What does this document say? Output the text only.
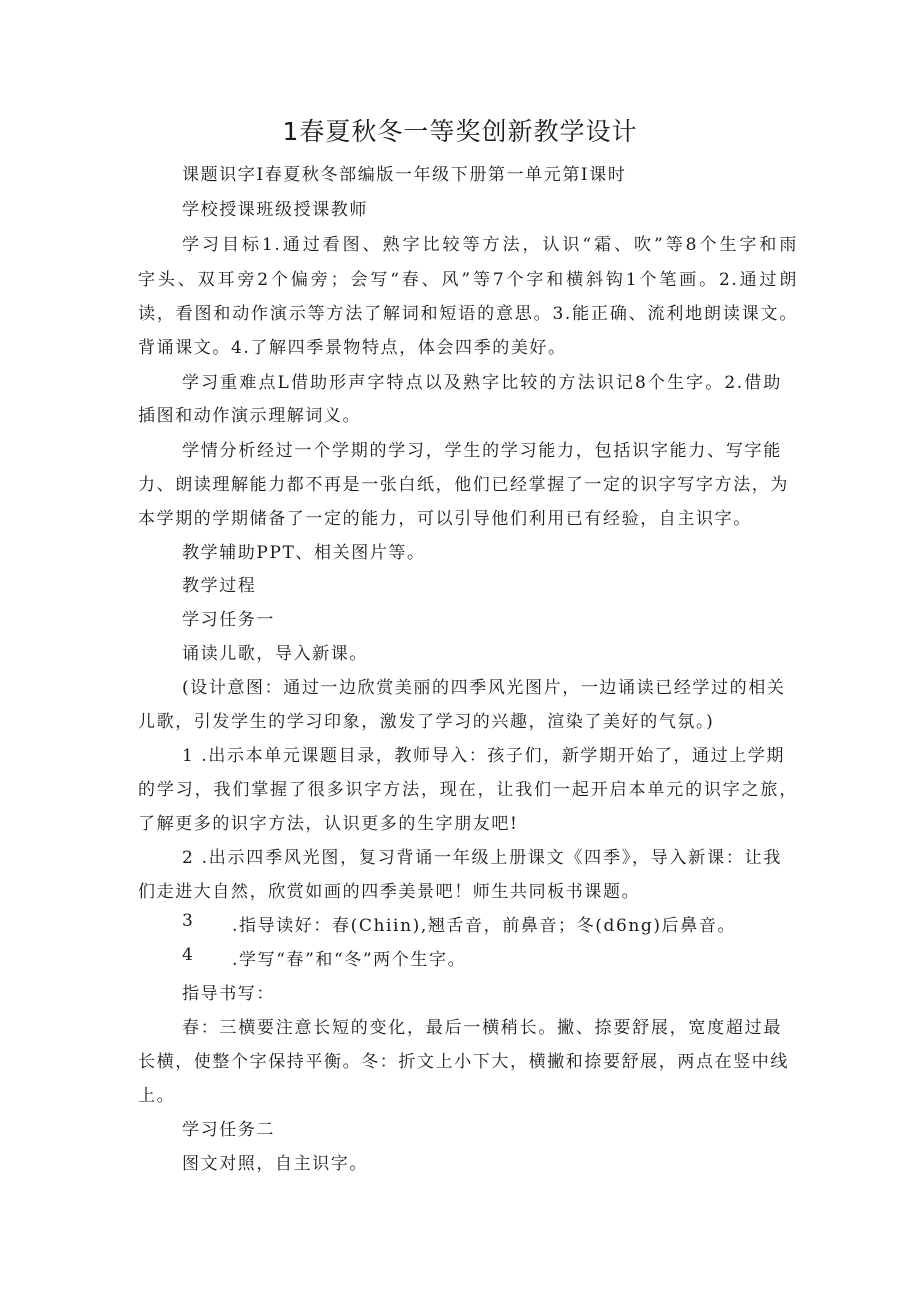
1春夏秋冬一等奖创新教学设计
课题识字I春夏秋冬部编版一年级下册第一单元第I课时
学校授课班级授课教师
学习目标1.通过看图、熟字比较等方法，认识“霜、吹”等8个生字和雨
字头、双耳旁2个偏旁；会写“春、风”等7个字和横斜钩1个笔画。2.通过朗
读，看图和动作演示等方法了解词和短语的意思。3.能正确、流利地朗读课文。
背诵课文。4.了解四季景物特点，体会四季的美好。
学习重难点L借助形声字特点以及熟字比较的方法识记8个生字。2.借助
插图和动作演示理解词义。
学情分析经过一个学期的学习，学生的学习能力，包括识字能力、写字能
力、朗读理解能力都不再是一张白纸，他们已经掌握了一定的识字写字方法，为
本学期的学期储备了一定的能力，可以引导他们利用已有经验，自主识字。
教学辅助PPT、相关图片等。
教学过程
学习任务一
诵读儿歌，导入新课。
(设计意图：通过一边欣赏美丽的四季风光图片，一边诵读已经学过的相关
儿歌，引发学生的学习印象，激发了学习的兴趣，渲染了美好的气氛。)
1 .出示本单元课题目录，教师导入：孩子们，新学期开始了，通过上学期
的学习，我们掌握了很多识字方法，现在，让我们一起开启本单元的识字之旅，
了解更多的识字方法，认识更多的生字朋友吧!
2 .出示四季风光图，复习背诵一年级上册课文《四季》，导入新课：让我
们走进大自然，欣赏如画的四季美景吧！师生共同板书课题。
3 .指导读好：春(Chiin),翘舌音，前鼻音；冬(d6ng)后鼻音。
4 .学写“春”和“冬”两个生字。
指导书写：
春：三横要注意长短的变化，最后一横稍长。撇、捺要舒展，宽度超过最
长横，使整个字保持平衡。冬：折文上小下大，横撇和捺要舒展，两点在竖中线
上。
学习任务二
图文对照，自主识字。
